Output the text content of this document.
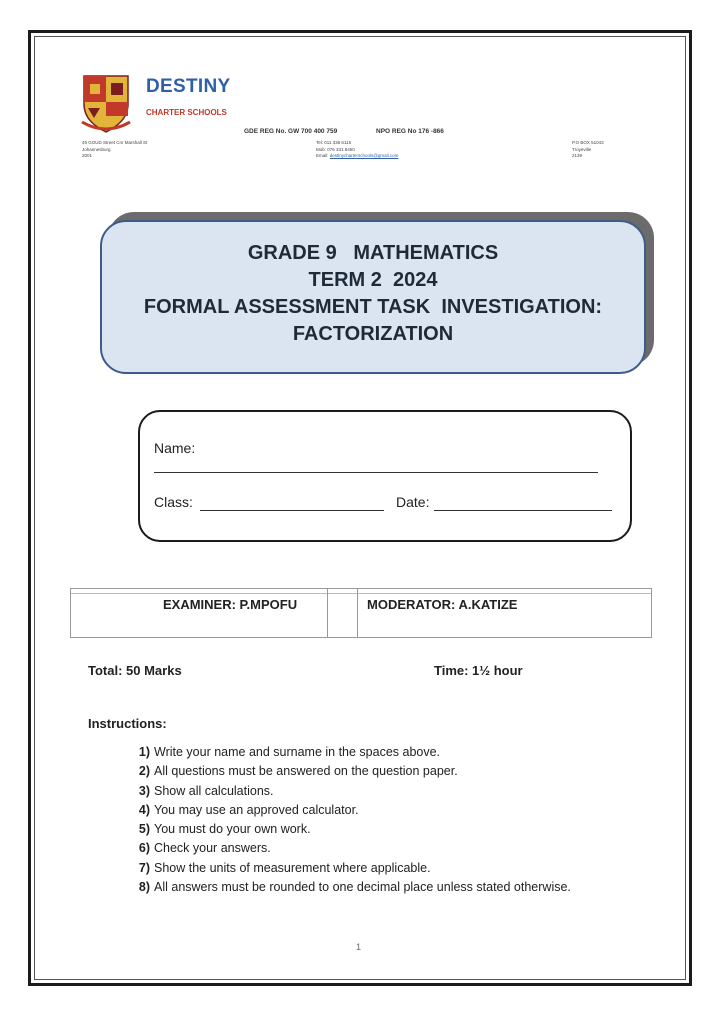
DESTINY
CHARTER SCHOOLS
GDE REG No. GW 700 400 759	NPO REG No 176 -866
49 GOUD Street Cnr Marshall St
Johannesburg
2001
Tel: 011 338 6115
Mob: 076 331 8450
Email: destinycharterschools@gmail.com
P.O BOX 51043
Troyeville
2139
GRADE 9   MATHEMATICS
TERM 2  2024
FORMAL ASSESSMENT TASK  INVESTIGATION:
FACTORIZATION
Name:
Class:	Date:
EXAMINER: P.MPOFU	MODERATOR: A.KATIZE
Total: 50 Marks	Time: 1½ hour
Instructions:
1) Write your name and surname in the spaces above.
2) All questions must be answered on the question paper.
3) Show all calculations.
4) You may use an approved calculator.
5) You must do your own work.
6) Check your answers.
7) Show the units of measurement where applicable.
8) All answers must be rounded to one decimal place unless stated otherwise.
1
